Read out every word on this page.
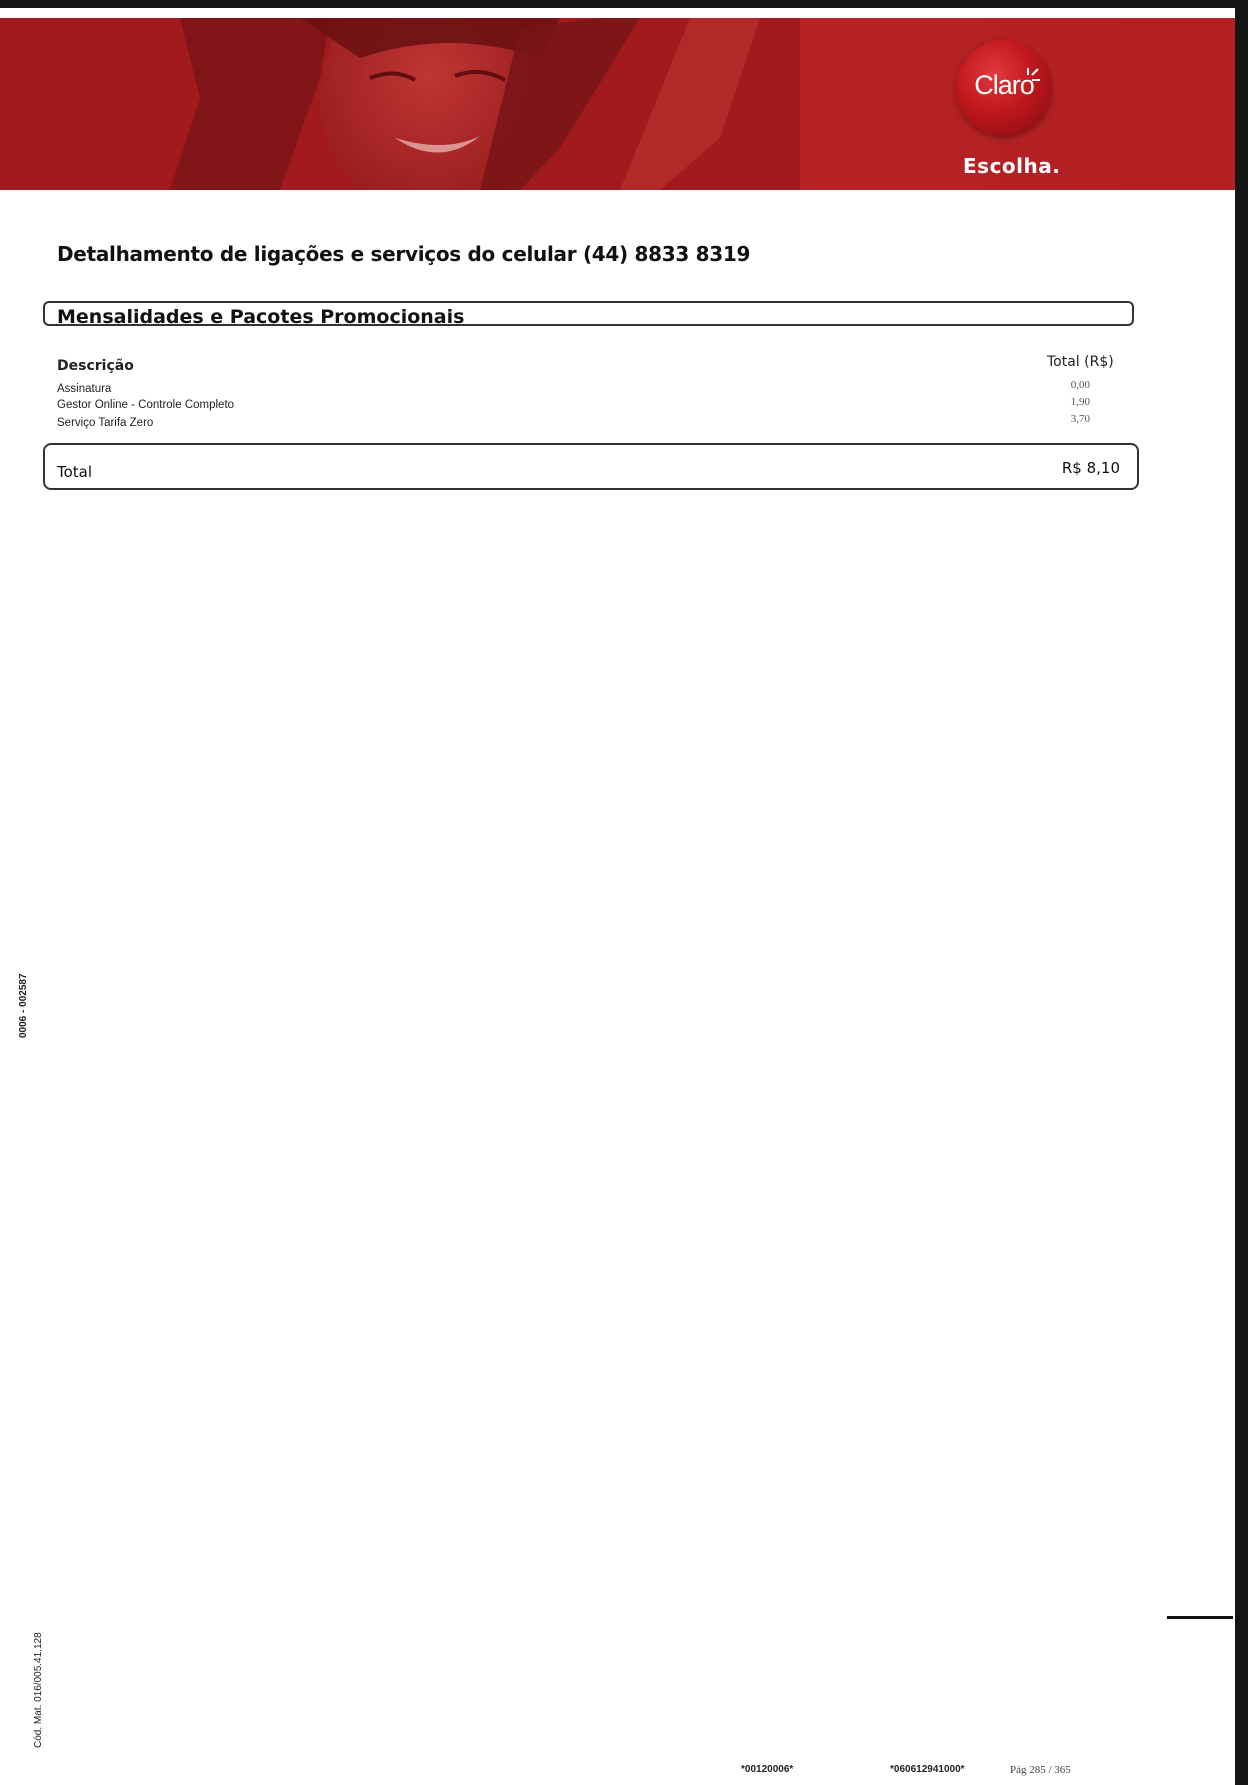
Claro
Escolha.
Detalhamento de ligações e serviços do celular (44) 8833 8319
Mensalidades e Pacotes Promocionais
Descrição	Total (R$)
Assinatura	0,00
Gestor Online - Controle Completo	1,90
Serviço Tarifa Zero	3,70
Total	R$ 8,10
0006 - 002587
Cód. Mat. 016/005.41.128
*00120006*	*060612941000*	Pág 285 / 365
